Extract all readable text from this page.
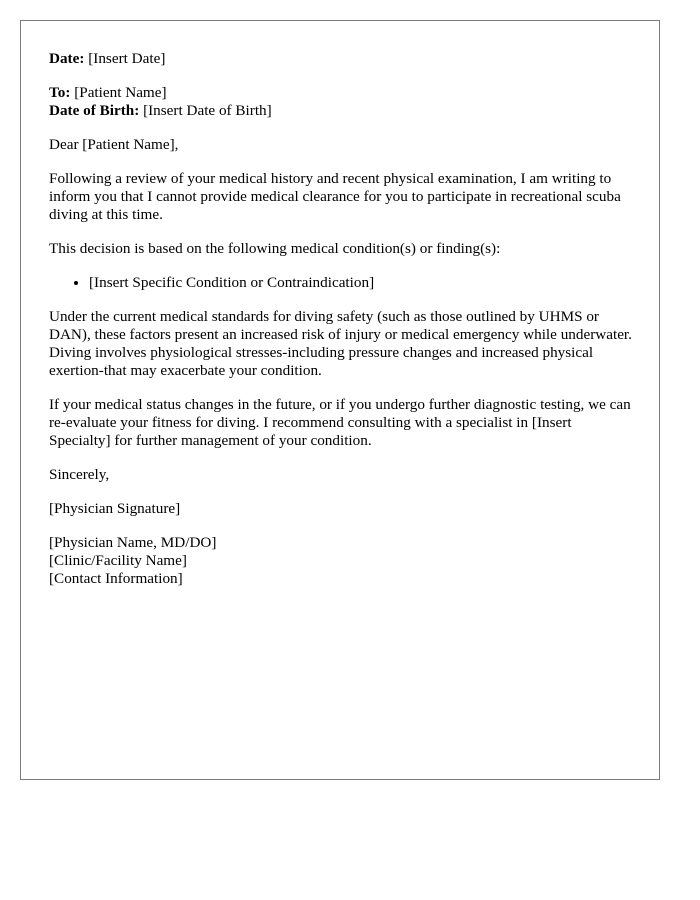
Date: [Insert Date]

To: [Patient Name]
Date of Birth: [Insert Date of Birth]

Dear [Patient Name],

Following a review of your medical history and recent physical examination, I am writing to inform you that I cannot provide medical clearance for you to participate in recreational scuba diving at this time.

This decision is based on the following medical condition(s) or finding(s):

• [Insert Specific Condition or Contraindication]

Under the current medical standards for diving safety (such as those outlined by UHMS or DAN), these factors present an increased risk of injury or medical emergency while underwater. Diving involves physiological stresses-including pressure changes and increased physical exertion-that may exacerbate your condition.

If your medical status changes in the future, or if you undergo further diagnostic testing, we can re-evaluate your fitness for diving. I recommend consulting with a specialist in [Insert Specialty] for further management of your condition.

Sincerely,

[Physician Signature]

[Physician Name, MD/DO]
[Clinic/Facility Name]
[Contact Information]
